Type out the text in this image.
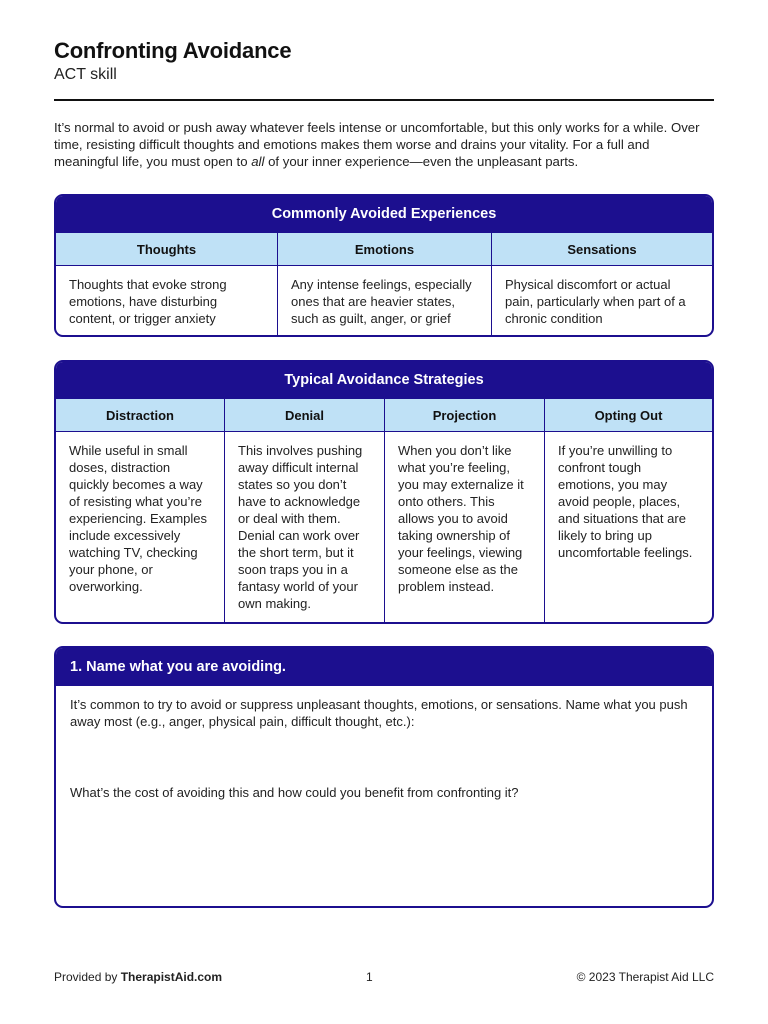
Confronting Avoidance
ACT skill

It’s normal to avoid or push away whatever feels intense or uncomfortable, but this only works for a while. Over time, resisting difficult thoughts and emotions makes them worse and drains your vitality. For a full and meaningful life, you must open to all of your inner experience—even the unpleasant parts.

Commonly Avoided Experiences
Thoughts
Thoughts that evoke strong emotions, have disturbing content, or trigger anxiety
Emotions
Any intense feelings, especially ones that are heavier states, such as guilt, anger, or grief
Sensations
Physical discomfort or actual pain, particularly when part of a chronic condition
Typical Avoidance Strategies
Distraction
While useful in small doses, distraction quickly becomes a way of resisting what you’re experiencing. Examples include excessively watching TV, checking your phone, or overworking.
Denial
This involves pushing away difficult internal states so you don’t have to acknowledge or deal with them. Denial can work over the short term, but it soon traps you in a fantasy world of your own making.
Projection
When you don’t like what you’re feeling, you may externalize it onto others. This allows you to avoid taking ownership of your feelings, viewing someone else as the problem instead.
Opting Out
If you’re unwilling to confront tough emotions, you may avoid people, places, and situations that are likely to bring up uncomfortable feelings.
1. Name what you are avoiding.

It’s common to try to avoid or suppress unpleasant thoughts, emotions, or sensations. Name what you push away most (e.g., anger, physical pain, difficult thought, etc.):

What’s the cost of avoiding this and how could you benefit from confronting it?

Provided by TherapistAid.com	1	© 2023 Therapist Aid LLC
